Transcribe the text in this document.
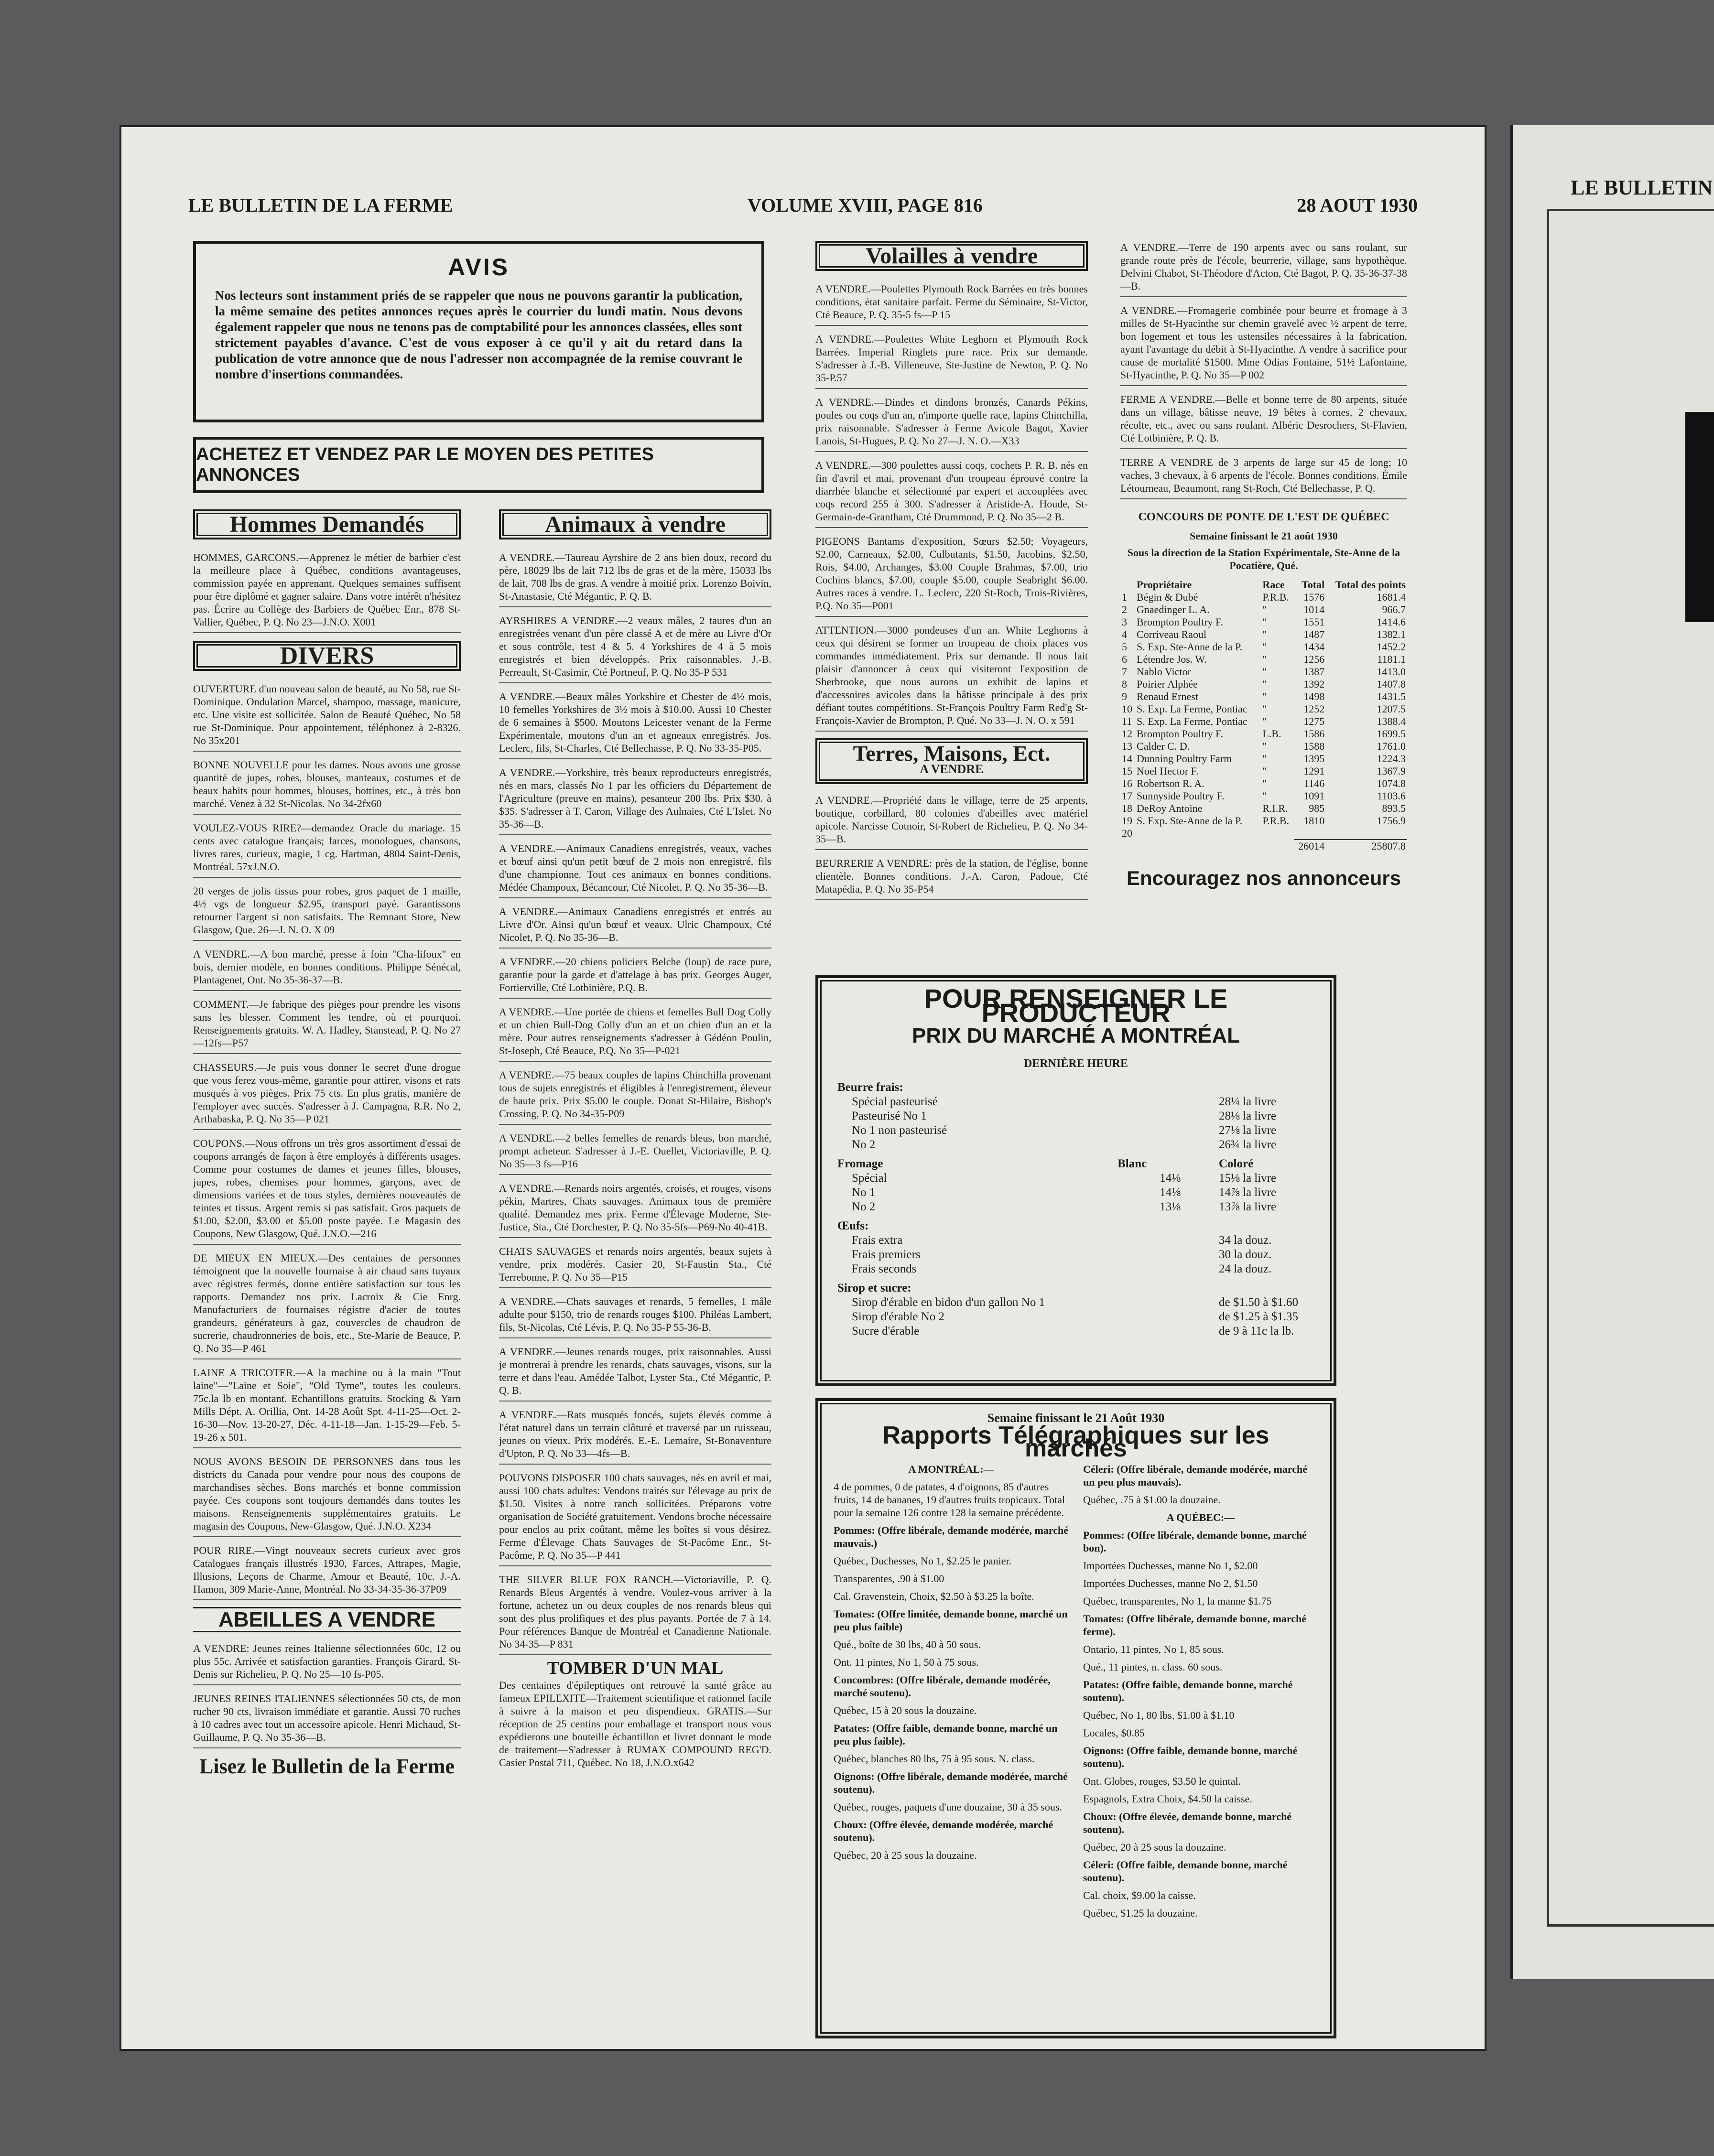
LE BULLETIN
LE BULLETIN DE LA FERME	VOLUME XVIII, PAGE 816	28 AOUT 1930
AVIS

Nos lecteurs sont instamment priés de se rappeler que nous ne pouvons garantir la publication, la même semaine des petites annonces reçues après le courrier du lundi matin. Nous devons également rappeler que nous ne tenons pas de comptabilité pour les annonces classées, elles sont strictement payables d'avance. C'est de vous exposer à ce qu'il y ait du retard dans la publication de votre annonce que de nous l'adresser non accompagnée de la remise couvrant le nombre d'insertions commandées.

ACHETEZ ET VENDEZ PAR LE MOYEN DES PETITES ANNONCES
Hommes Demandés

HOMMES, GARCONS.—Apprenez le métier de barbier c'est la meilleure place à Québec, conditions avantageuses, commission payée en apprenant. Quelques semaines suffisent pour être diplômé et gagner salaire. Dans votre intérêt n'hésitez pas. Écrire au Collège des Barbiers de Québec Enr., 878 St-Vallier, Québec, P. Q. No 23—J.N.O. X001

DIVERS

OUVERTURE d'un nouveau salon de beauté, au No 58, rue St-Dominique. Ondulation Marcel, shampoo, massage, manicure, etc. Une visite est sollicitée. Salon de Beauté Québec, No 58 rue St-Dominique. Pour appointement, téléphonez à 2-8326. No 35x201

BONNE NOUVELLE pour les dames. Nous avons une grosse quantité de jupes, robes, blouses, manteaux, costumes et de beaux habits pour hommes, blouses, bottines, etc., à très bon marché. Venez à 32 St-Nicolas. No 34-2fx60

VOULEZ-VOUS RIRE?—demandez Oracle du mariage. 15 cents avec catalogue français; farces, monologues, chansons, livres rares, curieux, magie, 1 cg. Hartman, 4804 Saint-Denis, Montréal. 57xJ.N.O.

20 verges de jolis tissus pour robes, gros paquet de 1 maille, 4½ vgs de longueur $2.95, transport payé. Garantissons retourner l'argent si non satisfaits. The Remnant Store, New Glasgow, Que. 26—J. N. O. X 09

A VENDRE.—A bon marché, presse à foin "Cha-lifoux" en bois, dernier modèle, en bonnes conditions. Philippe Sénécal, Plantagenet, Ont. No 35-36-37—B.

COMMENT.—Je fabrique des pièges pour prendre les visons sans les blesser. Comment les tendre, où et pourquoi. Renseignements gratuits. W. A. Hadley, Stanstead, P. Q. No 27—12fs—P57

CHASSEURS.—Je puis vous donner le secret d'une drogue que vous ferez vous-même, garantie pour attirer, visons et rats musqués à vos pièges. Prix 75 cts. En plus gratis, manière de l'employer avec succès. S'adresser à J. Campagna, R.R. No 2, Arthabaska, P. Q. No 35—P 021

COUPONS.—Nous offrons un très gros assortiment d'essai de coupons arrangés de façon à être employés à différents usages. Comme pour costumes de dames et jeunes filles, blouses, jupes, robes, chemises pour hommes, garçons, avec de dimensions variées et de tous styles, dernières nouveautés de teintes et tissus. Argent remis si pas satisfait. Gros paquets de $1.00, $2.00, $3.00 et $5.00 poste payée. Le Magasin des Coupons, New Glasgow, Qué. J.N.O.—216

DE MIEUX EN MIEUX.—Des centaines de personnes témoignent que la nouvelle fournaise à air chaud sans tuyaux avec régistres fermés, donne entière satisfaction sur tous les rapports. Demandez nos prix. Lacroix & Cie Enrg. Manufacturiers de fournaises régistre d'acier de toutes grandeurs, générateurs à gaz, couvercles de chaudron de sucrerie, chaudronneries de bois, etc., Ste-Marie de Beauce, P. Q. No 35—P 461

LAINE A TRICOTER.—A la machine ou à la main "Tout laine"—"Laine et Soie", "Old Tyme", toutes les couleurs. 75c.la lb en montant. Echantillons gratuits. Stocking & Yarn Mills Dépt. A. Orillia, Ont. 14-28 Août Spt. 4-11-25—Oct. 2-16-30—Nov. 13-20-27, Déc. 4-11-18—Jan. 1-15-29—Feb. 5-19-26 x 501.

NOUS AVONS BESOIN DE PERSONNES dans tous les districts du Canada pour vendre pour nous des coupons de marchandises sèches. Bons marchés et bonne commission payée. Ces coupons sont toujours demandés dans toutes les maisons. Renseignements supplémentaires gratuits. Le magasin des Coupons, New-Glasgow, Qué. J.N.O. X234

POUR RIRE.—Vingt nouveaux secrets curieux avec gros Catalogues français illustrés 1930, Farces, Attrapes, Magie, Illusions, Leçons de Charme, Amour et Beauté, 10c. J.-A. Hamon, 309 Marie-Anne, Montréal. No 33-34-35-36-37P09

ABEILLES A VENDRE

A VENDRE: Jeunes reines Italienne sélectionnées 60c, 12 ou plus 55c. Arrivée et satisfaction garanties. François Girard, St-Denis sur Richelieu, P. Q. No 25—10 fs-P05.

JEUNES REINES ITALIENNES sélectionnées 50 cts, de mon rucher 90 cts, livraison immédiate et garantie. Aussi 70 ruches à 10 cadres avec tout un accessoire apicole. Henri Michaud, St-Guillaume, P. Q. No 35-36—B.

Lisez le Bulletin de la Ferme
Animaux à vendre

A VENDRE.—Taureau Ayrshire de 2 ans bien doux, record du père, 18029 lbs de lait 712 lbs de gras et de la mère, 15033 lbs de lait, 708 lbs de gras. A vendre à moitié prix. Lorenzo Boivin, St-Anastasie, Cté Mégantic, P. Q. B.

AYRSHIRES A VENDRE.—2 veaux mâles, 2 taures d'un an enregistrées venant d'un père classé A et de mère au Livre d'Or et sous contrôle, test 4 & 5. 4 Yorkshires de 4 à 5 mois enregistrés et bien développés. Prix raisonnables. J.-B. Perreault, St-Casimir, Cté Portneuf, P. Q. No 35-P 531

A VENDRE.—Beaux mâles Yorkshire et Chester de 4½ mois, 10 femelles Yorkshires de 3½ mois à $10.00. Aussi 10 Chester de 6 semaines à $500. Moutons Leicester venant de la Ferme Expérimentale, moutons d'un an et agneaux enregistrés. Jos. Leclerc, fils, St-Charles, Cté Bellechasse, P. Q. No 33-35-P05.

A VENDRE.—Yorkshire, très beaux reproducteurs enregistrés, nés en mars, classés No 1 par les officiers du Département de l'Agriculture (preuve en mains), pesanteur 200 lbs. Prix $30. à $35. S'adresser à T. Caron, Village des Aulnaies, Cté L'Islet. No 35-36—B.

A VENDRE.—Animaux Canadiens enregistrés, veaux, vaches et bœuf ainsi qu'un petit bœuf de 2 mois non enregistré, fils d'une championne. Tout ces animaux en bonnes conditions. Médée Champoux, Bécancour, Cté Nicolet, P. Q. No 35-36—B.

A VENDRE.—Animaux Canadiens enregistrés et entrés au Livre d'Or. Ainsi qu'un bœuf et veaux. Ulric Champoux, Cté Nicolet, P. Q. No 35-36—B.

A VENDRE.—20 chiens policiers Belche (loup) de race pure, garantie pour la garde et d'attelage à bas prix. Georges Auger, Fortierville, Cté Lotbinière, P.Q. B.

A VENDRE.—Une portée de chiens et femelles Bull Dog Colly et un chien Bull-Dog Colly d'un an et un chien d'un an et la mère. Pour autres renseignements s'adresser à Gédéon Poulin, St-Joseph, Cté Beauce, P.Q. No 35—P-021

A VENDRE.—75 beaux couples de lapins Chinchilla provenant tous de sujets enregistrés et éligibles à l'enregistrement, éleveur de haute prix. Prix $5.00 le couple. Donat St-Hilaire, Bishop's Crossing, P. Q. No 34-35-P09

A VENDRE.—2 belles femelles de renards bleus, bon marché, prompt acheteur. S'adresser à J.-E. Ouellet, Victoriaville, P. Q. No 35—3 fs—P16

A VENDRE.—Renards noirs argentés, croisés, et rouges, visons pékin, Martres, Chats sauvages. Animaux tous de première qualité. Demandez mes prix. Ferme d'Élevage Moderne, Ste-Justice, Sta., Cté Dorchester, P. Q. No 35-5fs—P69-No 40-41B.

CHATS SAUVAGES et renards noirs argentés, beaux sujets à vendre, prix modérés. Casier 20, St-Faustin Sta., Cté Terrebonne, P. Q. No 35—P15

A VENDRE.—Chats sauvages et renards, 5 femelles, 1 mâle adulte pour $150, trio de renards rouges $100. Philéas Lambert, fils, St-Nicolas, Cté Lévis, P. Q. No 35-P 55-36-B.

A VENDRE.—Jeunes renards rouges, prix raisonnables. Aussi je montrerai à prendre les renards, chats sauvages, visons, sur la terre et dans l'eau. Amédée Talbot, Lyster Sta., Cté Mégantic, P. Q. B.

A VENDRE.—Rats musqués foncés, sujets élevés comme à l'état naturel dans un terrain clôturé et traversé par un ruisseau, jeunes ou vieux. Prix modérés. E.-E. Lemaire, St-Bonaventure d'Upton, P. Q. No 33—4fs—B.

POUVONS DISPOSER 100 chats sauvages, nés en avril et mai, aussi 100 chats adultes: Vendons traités sur l'élevage au prix de $1.50. Visites à notre ranch sollicitées. Préparons votre organisation de Société gratuitement. Vendons broche nécessaire pour enclos au prix coûtant, même les boîtes si vous désirez. Ferme d'Élevage Chats Sauvages de St-Pacôme Enr., St-Pacôme, P. Q. No 35—P 441

THE SILVER BLUE FOX RANCH.—Victoriaville, P. Q. Renards Bleus Argentés à vendre. Voulez-vous arriver à la fortune, achetez un ou deux couples de nos renards bleus qui sont des plus prolifiques et des plus payants. Portée de 7 à 14. Pour références Banque de Montréal et Canadienne Nationale. No 34-35—P 831

TOMBER D'UN MAL

Des centaines d'épileptiques ont retrouvé la santé grâce au fameux EPILEXITE—Traitement scientifique et rationnel facile à suivre à la maison et peu dispendieux. GRATIS.—Sur réception de 25 centins pour emballage et transport nous vous expédierons une bouteille échantillon et livret donnant le mode de traitement—S'adresser à RUMAX COMPOUND REG'D. Casier Postal 711, Québec. No 18, J.N.O.x642

Volailles à vendre

A VENDRE.—Poulettes Plymouth Rock Barrées en très bonnes conditions, état sanitaire parfait. Ferme du Séminaire, St-Victor, Cté Beauce, P. Q. 35-5 fs—P 15

A VENDRE.—Poulettes White Leghorn et Plymouth Rock Barrées. Imperial Ringlets pure race. Prix sur demande. S'adresser à J.-B. Villeneuve, Ste-Justine de Newton, P. Q. No 35-P.57

A VENDRE.—Dindes et dindons bronzés, Canards Pékins, poules ou coqs d'un an, n'importe quelle race, lapins Chinchilla, prix raisonnable. S'adresser à Ferme Avicole Bagot, Xavier Lanois, St-Hugues, P. Q. No 27—J. N. O.—X33

A VENDRE.—300 poulettes aussi coqs, cochets P. R. B. nés en fin d'avril et mai, provenant d'un troupeau éprouvé contre la diarrhée blanche et sélectionné par expert et accouplées avec coqs record 255 à 300. S'adresser à Aristide-A. Houde, St-Germain-de-Grantham, Cté Drummond, P. Q. No 35—2 B.

PIGEONS Bantams d'exposition, Sœurs $2.50; Voyageurs, $2.00, Carneaux, $2.00, Culbutants, $1.50, Jacobins, $2.50, Rois, $4.00, Archanges, $3.00 Couple Brahmas, $7.00, trio Cochins blancs, $7.00, couple $5.00, couple Seabright $6.00. Autres races à vendre. L. Leclerc, 220 St-Roch, Trois-Rivières, P.Q. No 35—P001

ATTENTION.—3000 pondeuses d'un an. White Leghorns à ceux qui désirent se former un troupeau de choix places vos commandes immédiatement. Prix sur demande. Il nous fait plaisir d'annoncer à ceux qui visiteront l'exposition de Sherbrooke, que nous aurons un exhibit de lapins et d'accessoires avicoles dans la bâtisse principale à des prix défiant toutes compétitions. St-François Poultry Farm Red'g St-François-Xavier de Brompton, P. Qué. No 33—J. N. O. x 591

Terres, Maisons, Ect.
A VENDRE

A VENDRE.—Propriété dans le village, terre de 25 arpents, boutique, corbillard, 80 colonies d'abeilles avec matériel apicole. Narcisse Cotnoir, St-Robert de Richelieu, P. Q. No 34-35—B.

BEURRERIE A VENDRE: près de la station, de l'église, bonne clientèle. Bonnes conditions. J.-A. Caron, Padoue, Cté Matapédia, P. Q. No 35-P54

A VENDRE.—Terre de 190 arpents avec ou sans roulant, sur grande route près de l'école, beurrerie, village, sans hypothèque. Delvini Chabot, St-Théodore d'Acton, Cté Bagot, P. Q. 35-36-37-38—B.

A VENDRE.—Fromagerie combinée pour beurre et fromage à 3 milles de St-Hyacinthe sur chemin gravelé avec ½ arpent de terre, bon logement et tous les ustensiles nécessaires à la fabrication, ayant l'avantage du débit à St-Hyacinthe. A vendre à sacrifice pour cause de mortalité $1500. Mme Odias Fontaine, 51½ Lafontaine, St-Hyacinthe, P. Q. No 35—P 002

FERME A VENDRE.—Belle et bonne terre de 80 arpents, située dans un village, bâtisse neuve, 19 bêtes à cornes, 2 chevaux, récolte, etc., avec ou sans roulant. Albéric Desrochers, St-Flavien, Cté Lotbinière, P. Q. B.

TERRE A VENDRE de 3 arpents de large sur 45 de long; 10 vaches, 3 chevaux, à 6 arpents de l'école. Bonnes conditions. Émile Létourneau, Beaumont, rang St-Roch, Cté Bellechasse, P. Q.

CONCOURS DE PONTE DE L'EST DE QUÉBEC
Semaine finissant le 21 août 1930
Sous la direction de la Station Expérimentale, Ste-Anne de la Pocatière, Qué.
	Propriétaire	Race	Total	Total des points
1	Bégin & Dubé	P.R.B.	1576	1681.4
2	Gnaedinger L. A.	"	1014	966.7
3	Brompton Poultry F.	"	1551	1414.6
4	Corriveau Raoul	"	1487	1382.1
5	S. Exp. Ste-Anne de la P.	"	1434	1452.2
6	Létendre Jos. W.	"	1256	1181.1
7	Nablo Victor	"	1387	1413.0
8	Poirier Alphée	"	1392	1407.8
9	Renaud Ernest	"	1498	1431.5
10	S. Exp. La Ferme, Pontiac	"	1252	1207.5
11	S. Exp. La Ferme, Pontiac	"	1275	1388.4
12	Brompton Poultry F.	L.B.	1586	1699.5
13	Calder C. D.	"	1588	1761.0
14	Dunning Poultry Farm	"	1395	1224.3
15	Noel Hector F.	"	1291	1367.9
16	Robertson R. A.	"	1146	1074.8
17	Sunnyside Poultry F.	"	1091	1103.6
18	DeRoy Antoine	R.I.R.	985	893.5
19	S. Exp. Ste-Anne de la P.	P.R.B.	1810	1756.9
20				
			26014	25807.8
Encouragez nos annonceurs
POUR RENSEIGNER LE PRODUCTEUR
PRIX DU MARCHÉ A MONTRÉAL
DERNIÈRE HEURE
Beurre frais:
Spécial pasteurisé	28¼ la livre
Pasteurisé No 1	28⅛ la livre
No 1 non pasteurisé	27⅛ la livre
No 2	26¾ la livre
Fromage	Blanc	Coloré
Spécial	14⅛	15⅛ la livre
No 1	14⅛	14⅞ la livre
No 2	13⅛	13⅞ la livre
Œufs:
Frais extra	34 la douz.
Frais premiers	30 la douz.
Frais seconds	24 la douz.
Sirop et sucre:
Sirop d'érable en bidon d'un gallon No 1	de $1.50 à $1.60
Sirop d'érable No 2	de $1.25 à $1.35
Sucre d'érable	de 9 à 11c la lb.
Semaine finissant le 21 Août 1930
Rapports Télégraphiques sur les marchés
A MONTRÉAL:—

4 de pommes, 0 de patates, 4 d'oignons, 85 d'autres fruits, 14 de bananes, 19 d'autres fruits tropicaux. Total pour la semaine 126 contre 128 la semaine précédente.

Pommes: (Offre libérale, demande modérée, marché mauvais.)

Québec, Duchesses, No 1, $2.25 le panier.

Transparentes, .90 à $1.00

Cal. Gravenstein, Choix, $2.50 à $3.25 la boîte.

Tomates: (Offre limitée, demande bonne, marché un peu plus faible)

Qué., boîte de 30 lbs, 40 à 50 sous.

Ont. 11 pintes, No 1, 50 à 75 sous.

Concombres: (Offre libérale, demande modérée, marché soutenu).

Québec, 15 à 20 sous la douzaine.

Patates: (Offre faible, demande bonne, marché un peu plus faible).

Québec, blanches 80 lbs, 75 à 95 sous. N. class.

Oignons: (Offre libérale, demande modérée, marché soutenu).

Québec, rouges, paquets d'une douzaine, 30 à 35 sous.

Choux: (Offre élevée, demande modérée, marché soutenu).

Québec, 20 à 25 sous la douzaine.

Céleri: (Offre libérale, demande modérée, marché un peu plus mauvais).

Québec, .75 à $1.00 la douzaine.

A QUÉBEC:—

Pommes: (Offre libérale, demande bonne, marché bon).

Importées Duchesses, manne No 1, $2.00

Importées Duchesses, manne No 2, $1.50

Québec, transparentes, No 1, la manne $1.75

Tomates: (Offre libérale, demande bonne, marché ferme).

Ontario, 11 pintes, No 1, 85 sous.

Qué., 11 pintes, n. class. 60 sous.

Patates: (Offre faible, demande bonne, marché soutenu).

Québec, No 1, 80 lbs, $1.00 à $1.10

Locales, $0.85

Oignons: (Offre faible, demande bonne, marché soutenu).

Ont. Globes, rouges, $3.50 le quintal.

Espagnols, Extra Choix, $4.50 la caisse.

Choux: (Offre élevée, demande bonne, marché soutenu).

Québec, 20 à 25 sous la douzaine.

Céleri: (Offre faible, demande bonne, marché soutenu).

Cal. choix, $9.00 la caisse.

Québec, $1.25 la douzaine.
